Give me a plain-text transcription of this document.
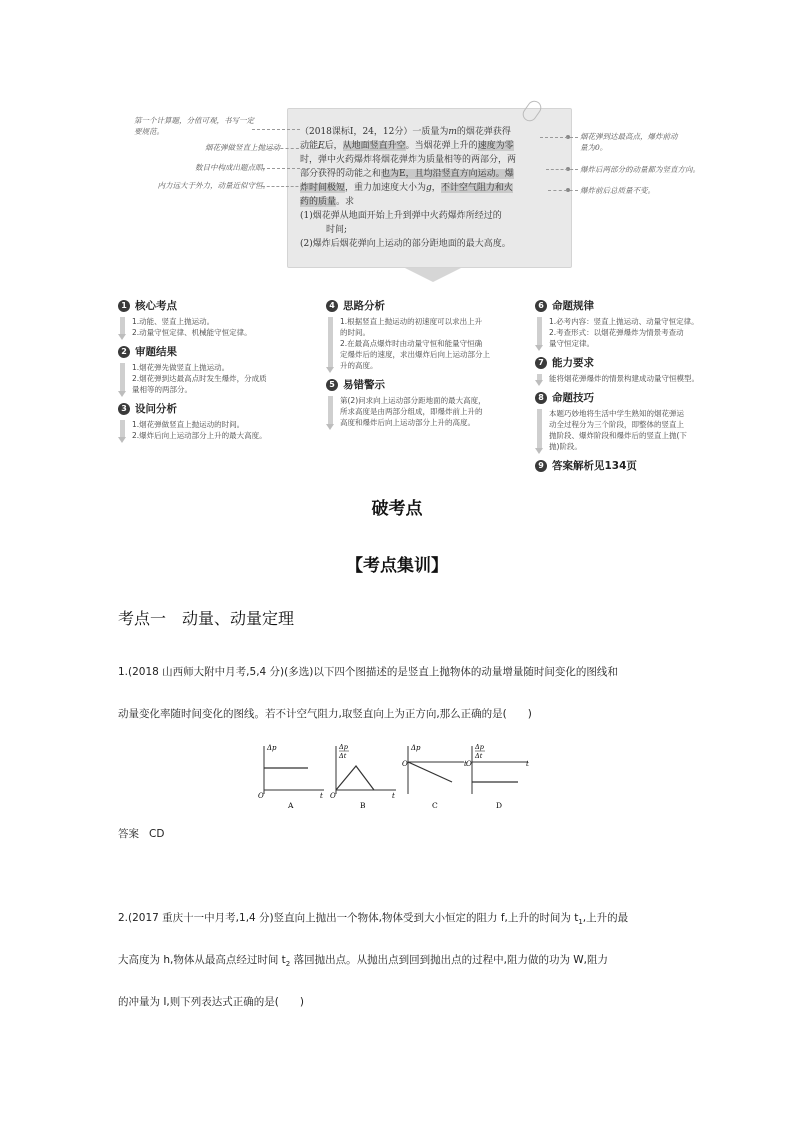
（2018课标Ⅰ，24，12分）一质量为m的烟花弹获得
动能E后，从地面竖直升空。当烟花弹上升的速度为零
时，弹中火药爆炸将烟花弹炸为质量相等的两部分，两
部分获得的动能之和也为E，且均沿竖直方向运动。爆
炸时间极短，重力加速度大小为g，不计空气阻力和火
药的质量。求
(1)烟花弹从地面开始上升到弹中火药爆炸所经过的
时间;
(2)爆炸后烟花弹向上运动的部分距地面的最大高度。
第一个计算题，分值可观，书写一定
要规范。
烟花弹做竖直上抛运动
数目中构成出题点眼，
内力远大于外力，动量近似守恒。
烟花弹到达最高点，爆炸前动
量为0。
爆炸后两部分的动量都为竖直方向。
爆炸前后总质量不变。
1 核心考点
1.动能、竖直上抛运动。
2.动量守恒定律、机械能守恒定律。
2 审题结果
1.烟花弹先做竖直上抛运动。
2.烟花弹到达最高点时发生爆炸，分成质
量相等的两部分。
3 设问分析
1.烟花弹做竖直上抛运动的时间。
2.爆炸后向上运动部分上升的最大高度。
4 思路分析
1.根据竖直上抛运动的初速度可以求出上升
的时间。
2.在最高点爆炸时由动量守恒和能量守恒确
定爆炸后的速度，求出爆炸后向上运动部分上
升的高度。
5 易错警示
第(2)问求向上运动部分距地面的最大高度，
所求高度是由两部分组成，即爆炸前上升的
高度和爆炸后向上运动部分上升的高度。
6 命题规律
1.必考内容：竖直上抛运动、动量守恒定律。
2.考查形式：以烟花弹爆炸为情景考查动
量守恒定律。
7 能力要求
能将烟花弹爆炸的情景构建成动量守恒模型。
8 命题技巧
本题巧妙地将生活中学生熟知的烟花弹运
动全过程分为三个阶段，即整体的竖直上
抛阶段、爆炸阶段和爆炸后的竖直上抛(下
抛)阶段。
9 答案解析见134页
破考点
【考点集训】
考点一　动量、动量定理
1.(2018 山西师大附中月考,5,4 分)(多选)以下四个图描述的是竖直上抛物体的动量增量随时间变化的图线和
动量变化率随时间变化的图线。若不计空气阻力,取竖直向上为正方向,那么正确的是(　　)
Δp
t
O
A
Δp
Δt
t
O
B
Δp
t
O
C
Δp
Δt
t
O
D
答案 CD
2.(2017 重庆十一中月考,1,4 分)竖直向上抛出一个物体,物体受到大小恒定的阻力 f,上升的时间为 $t_1$,上升的最
大高度为 h,物体从最高点经过时间 $t_2$ 落回抛出点。从抛出点到回到抛出点的过程中,阻力做的功为 W,阻力
的冲量为 I,则下列表达式正确的是(　　)
